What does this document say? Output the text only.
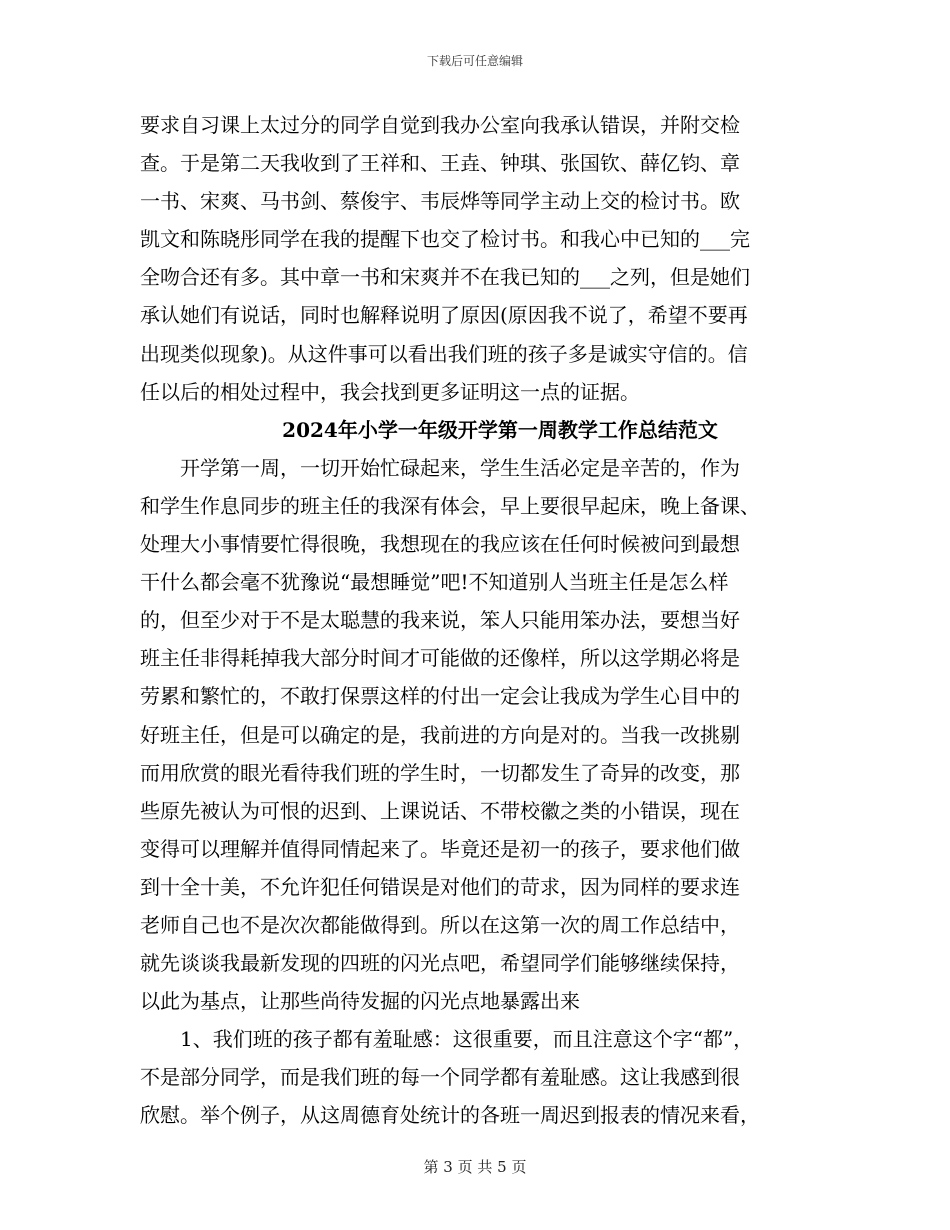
下载后可任意编辑
要求自习课上太过分的同学自觉到我办公室向我承认错误，并附交检
查。于是第二天我收到了王祥和、王垚、钟琪、张国钦、薛亿钧、章
一书、宋爽、马书剑、蔡俊宇、韦辰烨等同学主动上交的检讨书。欧
凯文和陈晓彤同学在我的提醒下也交了检讨书。和我心中已知的___完
全吻合还有多。其中章一书和宋爽并不在我已知的___之列，但是她们
承认她们有说话，同时也解释说明了原因(原因我不说了，希望不要再
出现类似现象)。从这件事可以看出我们班的孩子多是诚实守信的。信
任以后的相处过程中，我会找到更多证明这一点的证据。
2024年小学一年级开学第一周教学工作总结范文
　　开学第一周，一切开始忙碌起来，学生生活必定是辛苦的，作为
和学生作息同步的班主任的我深有体会，早上要很早起床，晚上备课、
处理大小事情要忙得很晚，我想现在的我应该在任何时候被问到最想
干什么都会毫不犹豫说“最想睡觉”吧!不知道别人当班主任是怎么样
的，但至少对于不是太聪慧的我来说，笨人只能用笨办法，要想当好
班主任非得耗掉我大部分时间才可能做的还像样，所以这学期必将是
劳累和繁忙的，不敢打保票这样的付出一定会让我成为学生心目中的
好班主任，但是可以确定的是，我前进的方向是对的。当我一改挑剔
而用欣赏的眼光看待我们班的学生时，一切都发生了奇异的改变，那
些原先被认为可恨的迟到、上课说话、不带校徽之类的小错误，现在
变得可以理解并值得同情起来了。毕竟还是初一的孩子，要求他们做
到十全十美，不允许犯任何错误是对他们的苛求，因为同样的要求连
老师自己也不是次次都能做得到。所以在这第一次的周工作总结中，
就先谈谈我最新发现的四班的闪光点吧，希望同学们能够继续保持，
以此为基点，让那些尚待发掘的闪光点地暴露出来
　　1、我们班的孩子都有羞耻感：这很重要，而且注意这个字“都”，
不是部分同学，而是我们班的每一个同学都有羞耻感。这让我感到很
欣慰。举个例子，从这周德育处统计的各班一周迟到报表的情况来看，
第 3 页 共 5 页
